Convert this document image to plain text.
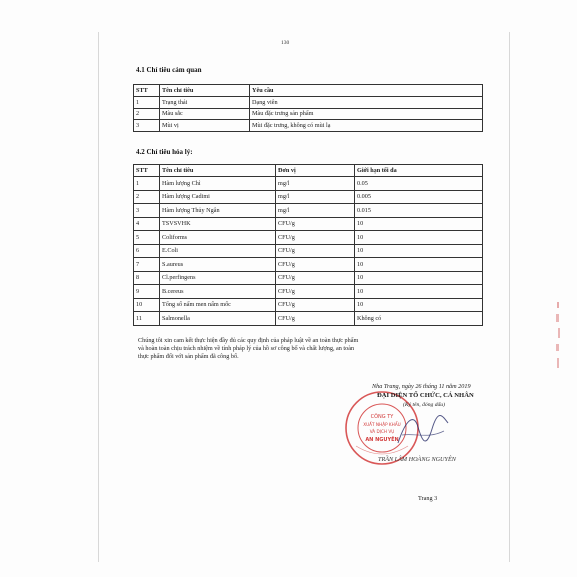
130
4.1 Chỉ tiêu cảm quan
STT	Tên chỉ tiêu	Yêu cầu
1	Trạng thái	Dạng viên
2	Màu sắc	Màu đặc trưng sản phẩm
3	Mùi vị	Mùi đặc trưng, không có mùi lạ
4.2 Chỉ tiêu hóa lý:
STT	Tên chỉ tiêu	Đơn vị	Giới hạn tối đa
1	Hàm lượng Chì	mg/l	0.05
2	Hàm lượng Cadimi	mg/l	0.005
3	Hàm lượng Thủy Ngân	mg/l	0.015
4	TSVSVHK	CFU/g	10
5	Coliforms	CFU/g	10
6	E.Coli	CFU/g	10
7	S.aureus	CFU/g	10
8	Cl.perfingens	CFU/g	10
9	B.cereus	CFU/g	10
10	Tổng số nấm men nấm mốc	CFU/g	10
11	Salmonella	CFU/g	Không có
Chúng tôi xin cam kết thực hiện đầy đủ các quy định của pháp luật về an toàn thực phẩm
và hoàn toàn chịu trách nhiệm về tính pháp lý của hồ sơ công bố và chất lượng, an toàn
thực phẩm đối với sản phẩm đã công bố.
CÔNG TY
XUẤT NHẬP KHẨU
VÀ DỊCH VỤ
AN NGUYÊN
Nha Trang, ngày 26 tháng 11 năm 2019
ĐẠI DIỆN TỔ CHỨC, CÁ NHÂN
(Ký tên, đóng dấu)
TRẦN LÂM HOÀNG NGUYÊN
Trang 3
